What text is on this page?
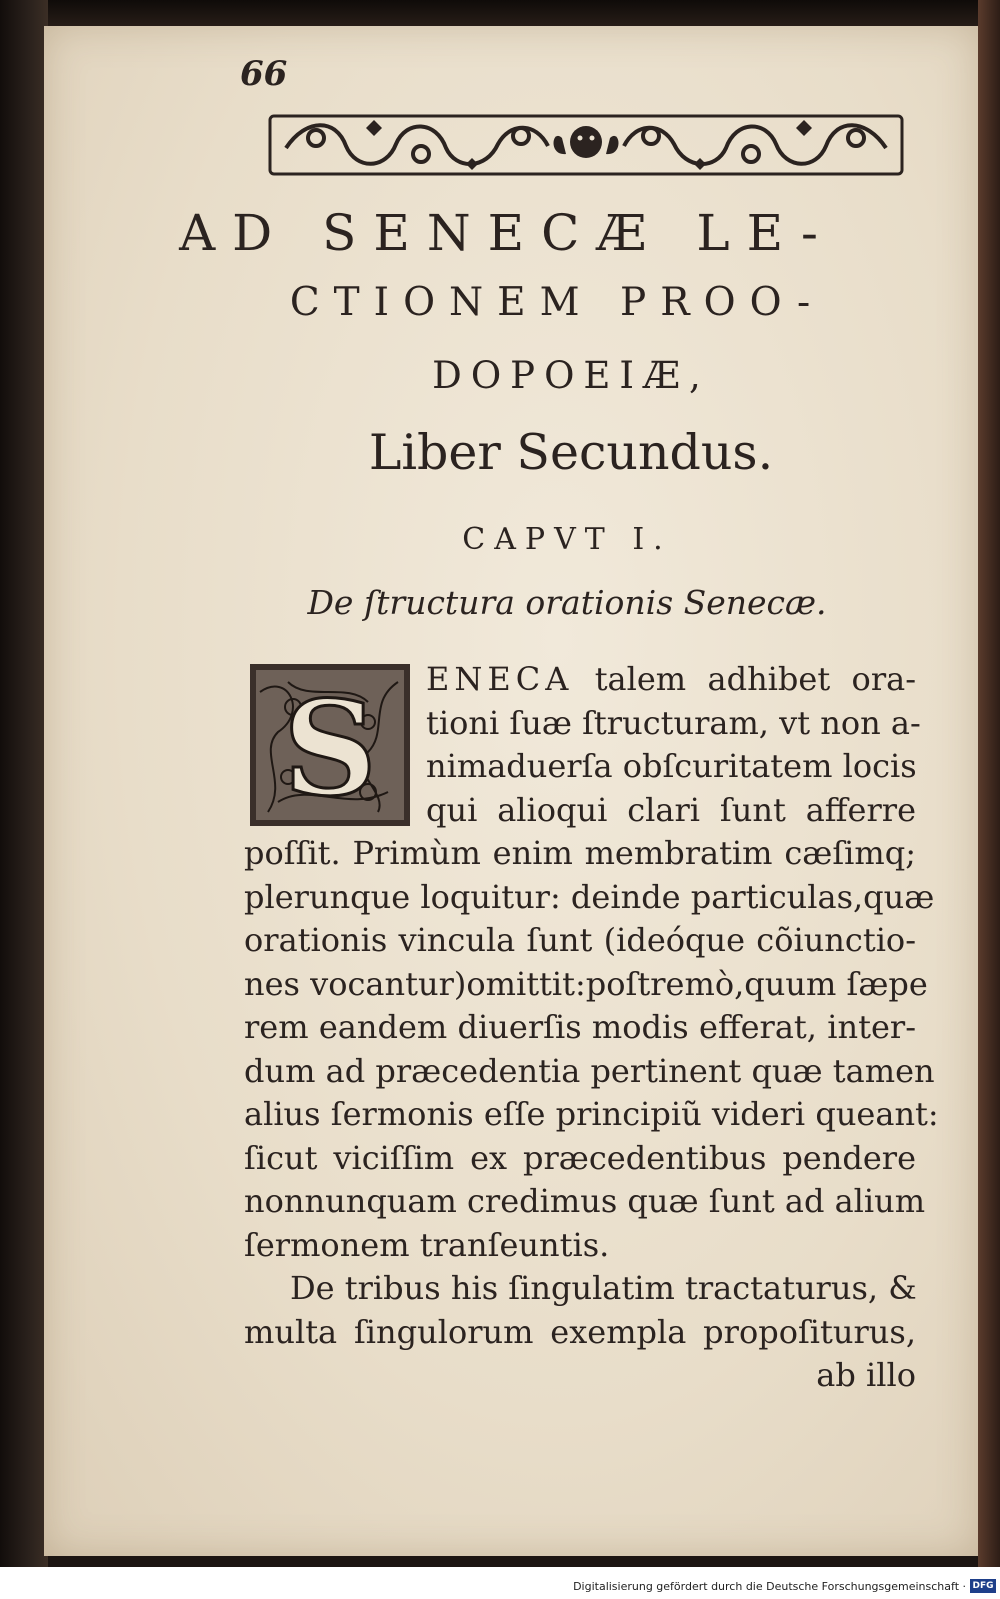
66
AD SENECÆ LE-
CTIONEM PROO-
DOPOEIÆ,
Liber Secundus.
CAPVT I.
De ſtructura orationis Senecæ.
S	ENECA talem adhibet ora-
tioni ſuæ ſtructuram, vt non a-
nimaduerſa obſcuritatem locis
qui alioqui clari ſunt afferre
poſſit. Primùm enim membratim cæſimq;
plerunque loquitur: deinde particulas,quæ
orationis vincula ſunt (ideóque cõiunctio-
nes vocantur)omittit:poſtremò,quum ſæpe
rem eandem diuerſis modis efferat, inter-
dum ad præcedentia pertinent quæ tamen
alius ſermonis eſſe principiũ videri queant:
ſicut viciſſim ex præcedentibus pendere
nonnunquam credimus quæ ſunt ad alium
ſermonem tranſeuntis.
De tribus his ſingulatim tractaturus, &
multa ſingulorum exempla propoſiturus,
ab illo
Digitalisierung gefördert durch die Deutsche Forschungsgemeinschaft · DFG
